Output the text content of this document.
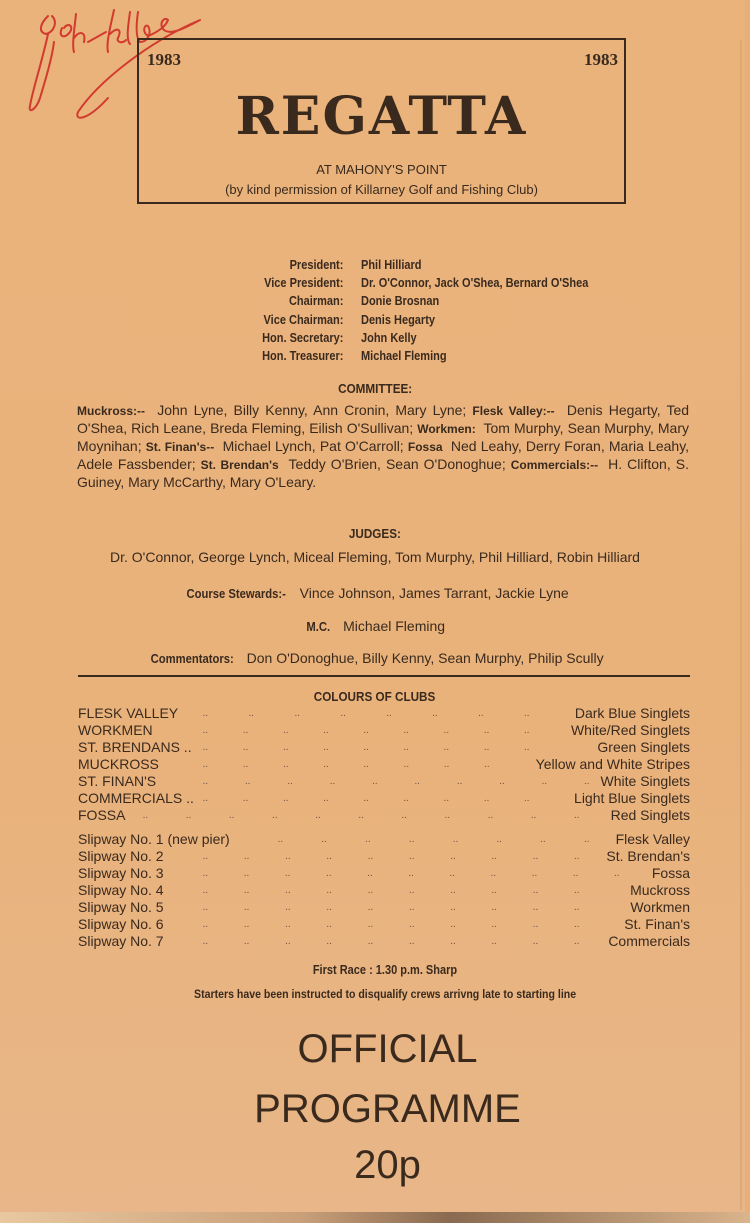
1983	1983
REGATTA
AT MAHONY'S POINT
(by kind permission of Killarney Golf and Fishing Club)
President:	Phil Hilliard
Vice President:	Dr. O'Connor, Jack O'Shea, Bernard O'Shea
Chairman:	Donie Brosnan
Vice Chairman:	Denis Hegarty
Hon. Secretary:	John Kelly
Hon. Treasurer:	Michael Fleming
COMMITTEE:
Muckross:-- John Lyne, Billy Kenny, Ann Cronin, Mary Lyne; Flesk Valley:-- Denis Hegarty, Ted O'Shea, Rich Leane, Breda Fleming, Eilish O'Sullivan; Workmen: Tom Murphy, Sean Murphy, Mary Moynihan; St. Finan's-- Michael Lynch, Pat O'Carroll; Fossa Ned Leahy, Derry Foran, Maria Leahy, Adele Fassbender; St. Brendan's Teddy O'Brien, Sean O'Donoghue; Commercials:-- H. Clifton, S. Guiney, Mary McCarthy, Mary O'Leary.
JUDGES:
Dr. O'Connor, George Lynch, Miceal Fleming, Tom Murphy, Phil Hilliard, Robin Hilliard
Course Stewards:- Vince Johnson, James Tarrant, Jackie Lyne
M.C. Michael Fleming
Commentators: Don O'Donoghue, Billy Kenny, Sean Murphy, Philip Scully
COLOURS OF CLUBS
FLESK VALLEY ..	..	..	..	..	..	..	..	Dark Blue Singlets
WORKMEN	..	..	..	..	..	..	..	..	..	White/Red Singlets
ST. BRENDANS .. ..	..	..	..	..	..	..	..	..	Green Singlets
MUCKROSS	..	..	..	..	..	..	..	..	Yellow and White Stripes
ST. FINAN'S	..	..	..	..	..	..	..	..	..	.. White Singlets
COMMERCIALS .. ..	..	..	..	..	..	..	..	..	Light Blue Singlets
FOSSA ..	..	..	..	..	..	..	..	..	..	.. Red Singlets
Slipway No. 1 (new pier)	..	..	..	..	..	..	..	.. Flesk Valley
Slipway No. 2	..	..	..	..	..	..	..	..	..	.. St. Brendan's
Slipway No. 3	..	..	..	..	..	..	..	..	..	..	.. Fossa
Slipway No. 4	..	..	..	..	..	..	..	..	..	..	Muckross
Slipway No. 5	..	..	..	..	..	..	..	..	..	..	Workmen
Slipway No. 6	..	..	..	..	..	..	..	..	..	..	St. Finan's
Slipway No. 7	..	..	..	..	..	..	..	..	..	.. Commercials
First Race : 1.30 p.m. Sharp
Starters have been instructed to disqualify crews arrivng late to starting line
OFFICIAL
PROGRAMME
20p
